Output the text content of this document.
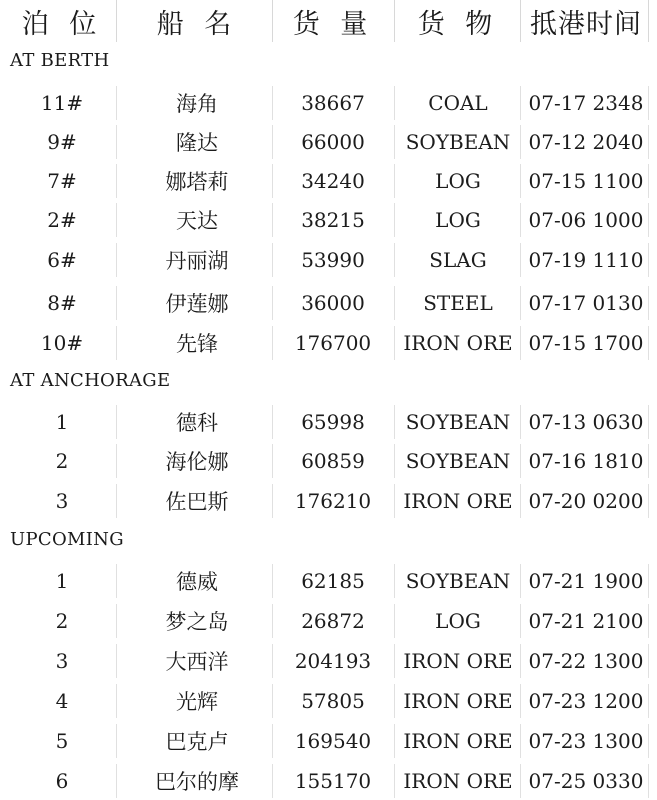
泊 位	船 名	货 量	货 物	抵港时间
AT BERTH
11#	海角	38667	COAL	07-17 2348
9#	隆达	66000	SOYBEAN 07-12 2040
7#	娜塔莉	34240	LOG	07-15 1100
2#	天达	38215	LOG	07-06 1000
6#	丹丽湖	53990	SLAG	07-19 1110
8#	伊莲娜	36000	STEEL	07-17 0130
10#	先锋	176700	IRON ORE 07-15 1700
AT ANCHORAGE
1	德科	65998	SOYBEAN 07-13 0630
2	海伦娜	60859	SOYBEAN 07-16 1810
3	佐巴斯	176210	IRON ORE 07-20 0200
UPCOMING
1	德威	62185	SOYBEAN 07-21 1900
2	梦之岛	26872	LOG	07-21 2100
3	大西洋	204193	IRON ORE 07-22 1300
4	光辉	57805	IRON ORE 07-23 1200
5	巴克卢	169540	IRON ORE 07-23 1300
6	巴尔的摩	155170	IRON ORE 07-25 0330
